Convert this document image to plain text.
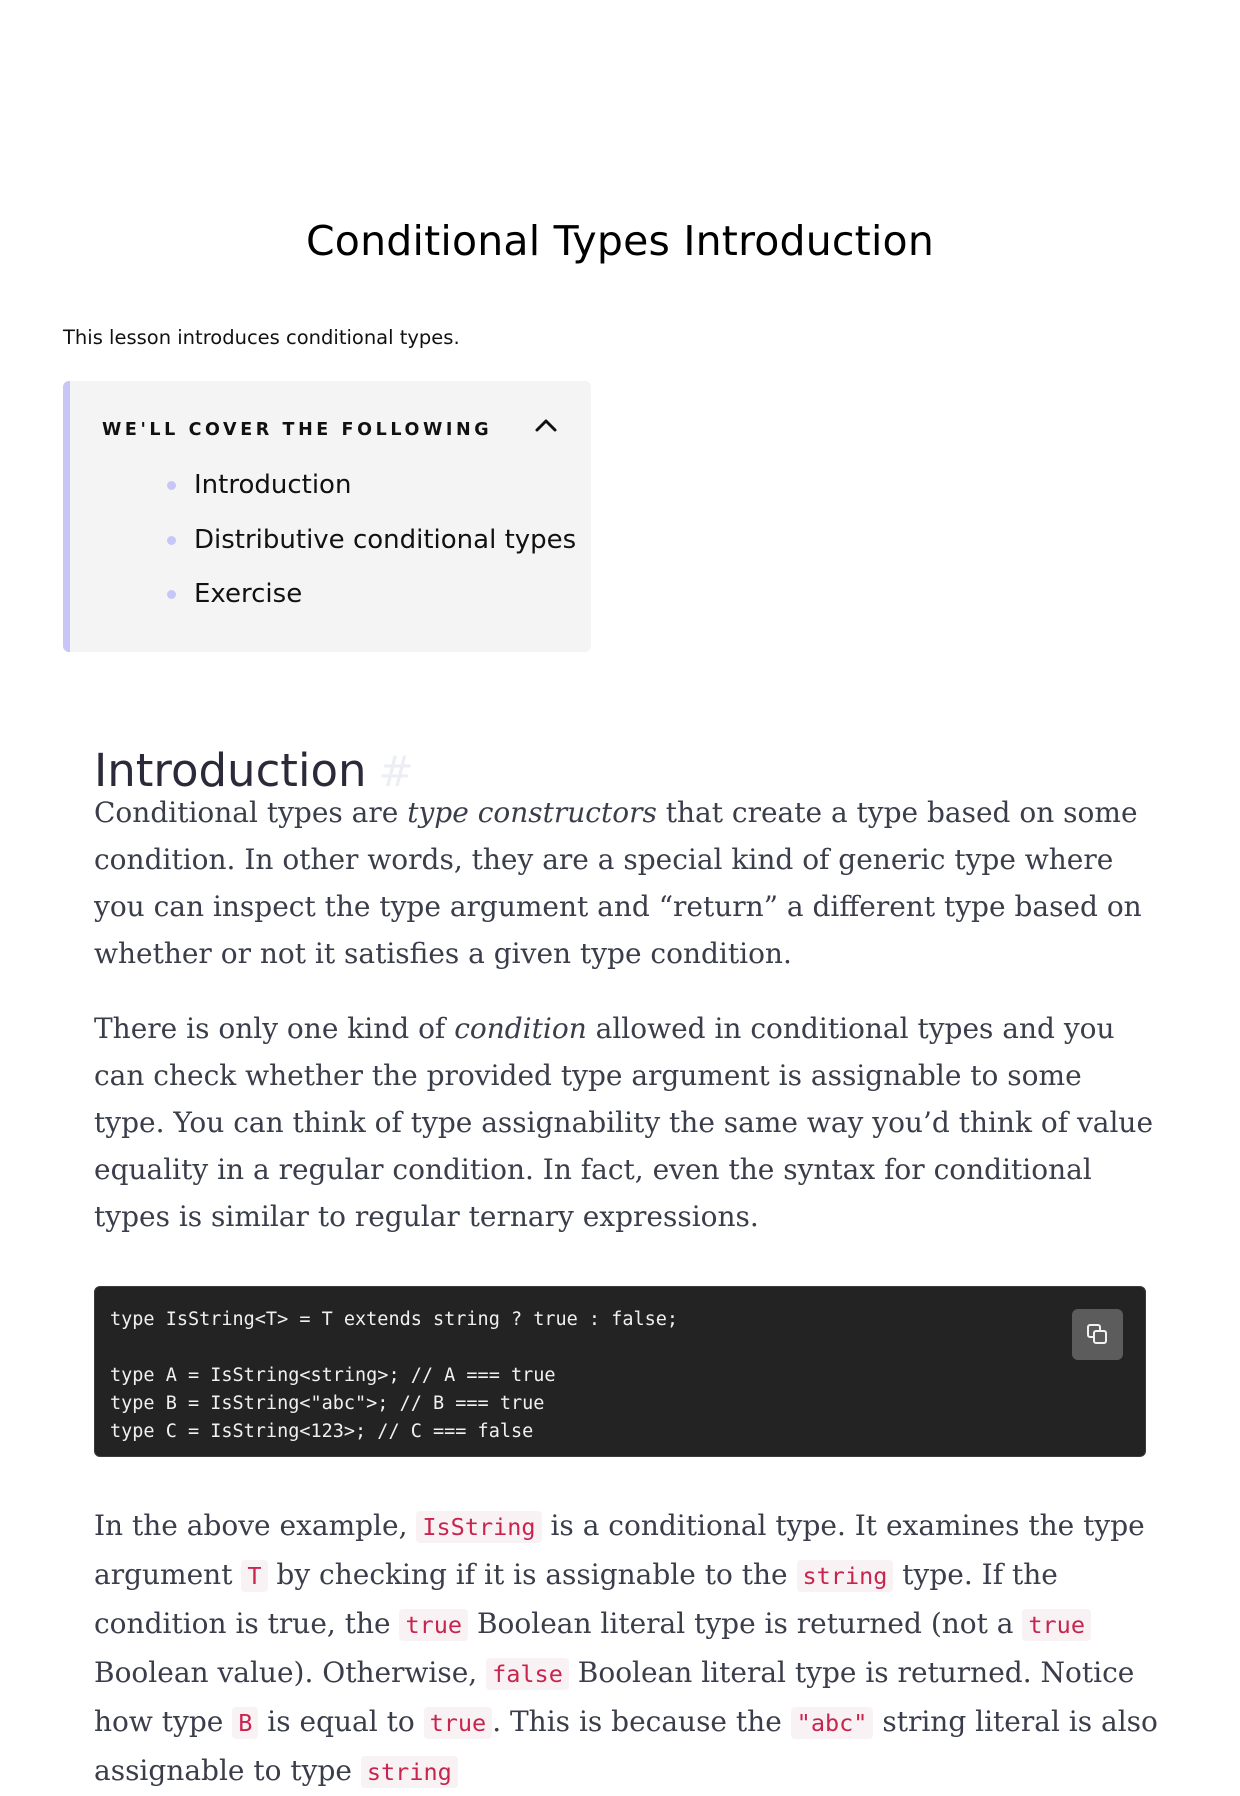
Conditional Types Introduction
This lesson introduces conditional types.
WE'LL COVER THE FOLLOWING
Introduction
Distributive conditional types
Exercise
Introduction #

Conditional types are type constructors that create a type based on some condition. In other words, they are a special kind of generic type where you can inspect the type argument and “return” a different type based on whether or not it satisfies a given type condition.

There is only one kind of condition allowed in conditional types and you can check whether the provided type argument is assignable to some type. You can think of type assignability the same way you’d think of value equality in a regular condition. In fact, even the syntax for conditional types is similar to regular ternary expressions.

type IsString<T> = T extends string ? true : false;

type A = IsString<string>; // A === true
type B = IsString<"abc">; // B === true
type C = IsString<123>; // C === false

In the above example, IsString is a conditional type. It examines the type argument T by checking if it is assignable to the string type. If the condition is true, the true Boolean literal type is returned (not a true Boolean value). Otherwise, false Boolean literal type is returned. Notice how type B is equal to true . This is because the "abc" string literal is also assignable to type string
